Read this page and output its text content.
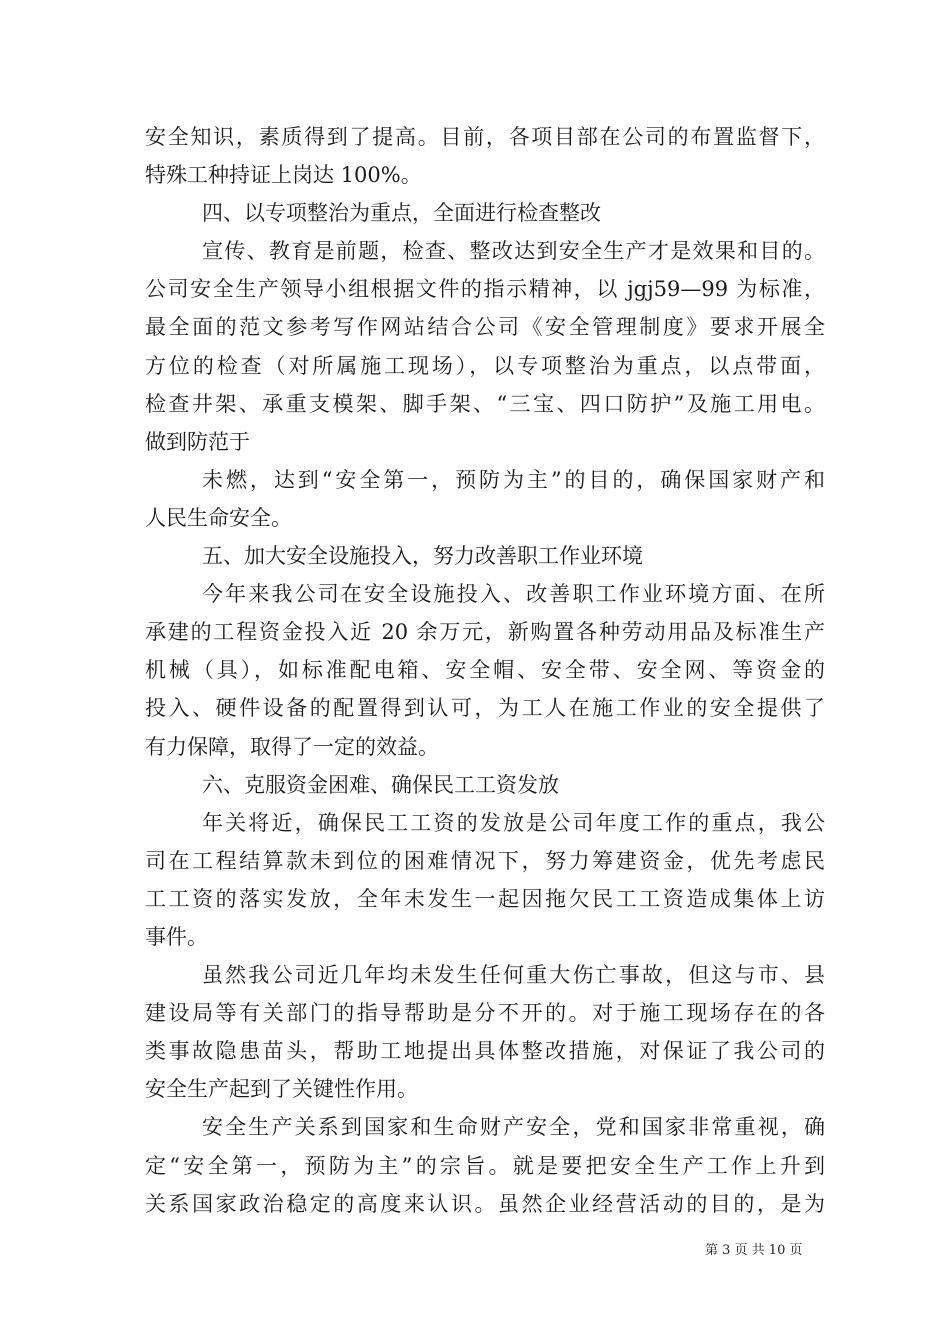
安全知识，素质得到了提高。目前，各项目部在公司的布置监督下，
特殊工种持证上岗达 100%。
四、以专项整治为重点，全面进行检查整改
宣传、教育是前题，检查、整改达到安全生产才是效果和目的。
公司安全生产领导小组根据文件的指示精神，以 jgj59—99 为标准，
最全面的范文参考写作网站结合公司《安全管理制度》要求开展全
方位的检查（对所属施工现场），以专项整治为重点，以点带面，
检查井架、承重支模架、脚手架、“三宝、四口防护”及施工用电。
做到防范于
未燃，达到“安全第一，预防为主”的目的，确保国家财产和
人民生命安全。
五、加大安全设施投入，努力改善职工作业环境
今年来我公司在安全设施投入、改善职工作业环境方面、在所
承建的工程资金投入近 20 余万元，新购置各种劳动用品及标准生产
机械（具），如标准配电箱、安全帽、安全带、安全网、等资金的
投入、硬件设备的配置得到认可，为工人在施工作业的安全提供了
有力保障，取得了一定的效益。
六、克服资金困难、确保民工工资发放
年关将近，确保民工工资的发放是公司年度工作的重点，我公
司在工程结算款未到位的困难情况下，努力筹建资金，优先考虑民
工工资的落实发放，全年未发生一起因拖欠民工工资造成集体上访
事件。
虽然我公司近几年均未发生任何重大伤亡事故，但这与市、县
建设局等有关部门的指导帮助是分不开的。对于施工现场存在的各
类事故隐患苗头，帮助工地提出具体整改措施，对保证了我公司的
安全生产起到了关键性作用。
安全生产关系到国家和生命财产安全，党和国家非常重视，确
定“安全第一，预防为主”的宗旨。就是要把安全生产工作上升到
关系国家政治稳定的高度来认识。虽然企业经营活动的目的，是为
第 3 页 共 10 页
